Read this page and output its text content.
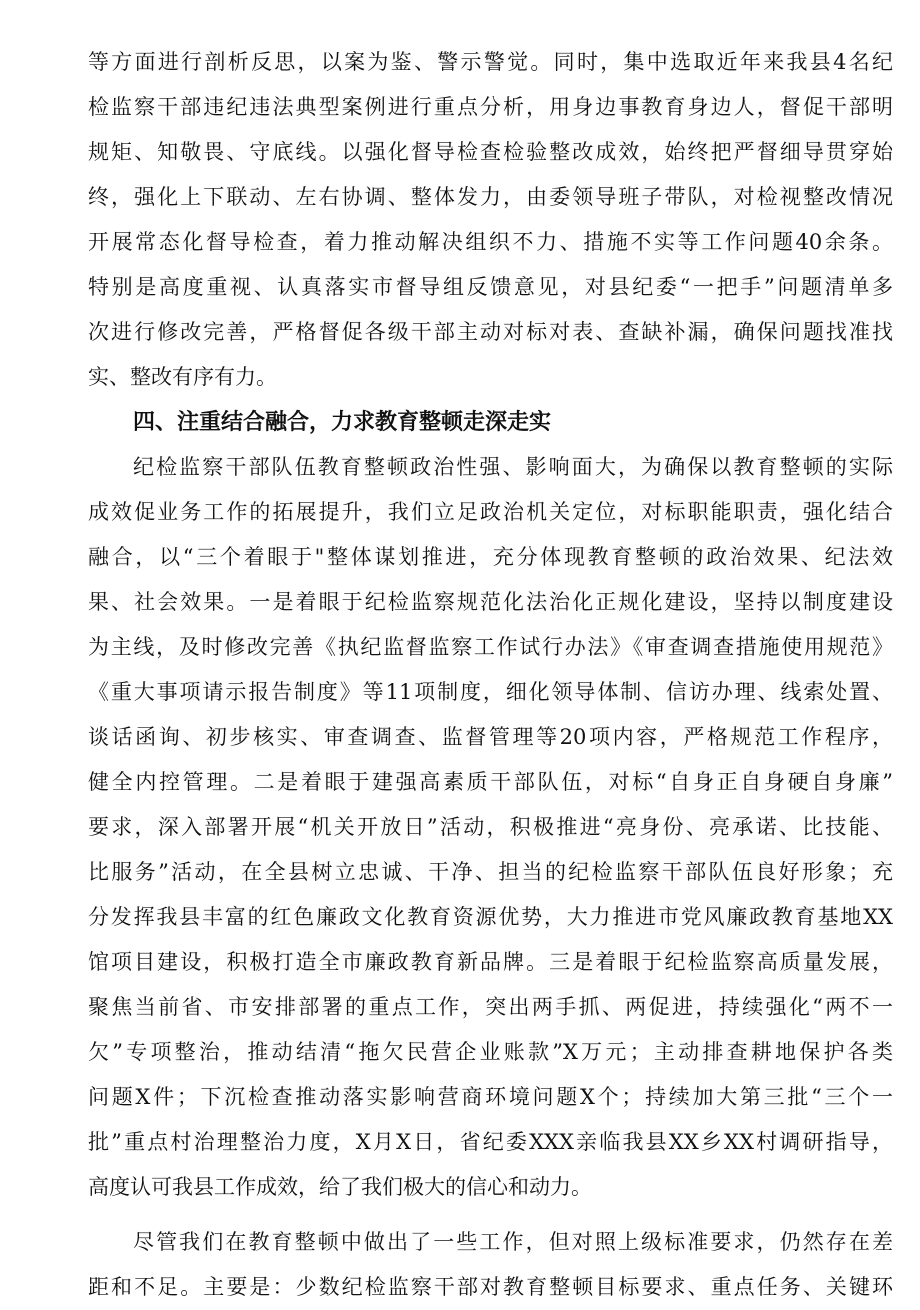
等方面进行剖析反思，以案为鉴、警示警觉。同时，集中选取近年来我县4名纪
检监察干部违纪违法典型案例进行重点分析，用身边事教育身边人，督促干部明
规矩、知敬畏、守底线。以强化督导检查检验整改成效，始终把严督细导贯穿始
终，强化上下联动、左右协调、整体发力，由委领导班子带队，对检视整改情况
开展常态化督导检查，着力推动解决组织不力、措施不实等工作问题40余条。
特别是高度重视、认真落实市督导组反馈意见，对县纪委“一把手”问题清单多
次进行修改完善，严格督促各级干部主动对标对表、查缺补漏，确保问题找准找
实、整改有序有力。
四、注重结合融合，力求教育整顿走深走实
纪检监察干部队伍教育整顿政治性强、影响面大，为确保以教育整顿的实际
成效促业务工作的拓展提升，我们立足政治机关定位，对标职能职责，强化结合
融合，以“三个着眼于"整体谋划推进，充分体现教育整顿的政治效果、纪法效
果、社会效果。一是着眼于纪检监察规范化法治化正规化建设，坚持以制度建设
为主线，及时修改完善《执纪监督监察工作试行办法》《审查调查措施使用规范》
《重大事项请示报告制度》等11项制度，细化领导体制、信访办理、线索处置、
谈话函询、初步核实、审查调查、监督管理等20项内容，严格规范工作程序，
健全内控管理。二是着眼于建强高素质干部队伍，对标“自身正自身硬自身廉”
要求，深入部署开展“机关开放日”活动，积极推进“亮身份、亮承诺、比技能、
比服务”活动，在全县树立忠诚、干净、担当的纪检监察干部队伍良好形象；充
分发挥我县丰富的红色廉政文化教育资源优势，大力推进市党风廉政教育基地XX
馆项目建设，积极打造全市廉政教育新品牌。三是着眼于纪检监察高质量发展，
聚焦当前省、市安排部署的重点工作，突出两手抓、两促进，持续强化“两不一
欠”专项整治，推动结清“拖欠民营企业账款”X万元；主动排查耕地保护各类
问题X件；下沉检查推动落实影响营商环境问题X个；持续加大第三批“三个一
批”重点村治理整治力度，X月X日，省纪委XXX亲临我县XX乡XX村调研指导，
高度认可我县工作成效，给了我们极大的信心和动力。
尽管我们在教育整顿中做出了一些工作，但对照上级标准要求，仍然存在差
距和不足。主要是：少数纪检监察干部对教育整顿目标要求、重点任务、关键环
